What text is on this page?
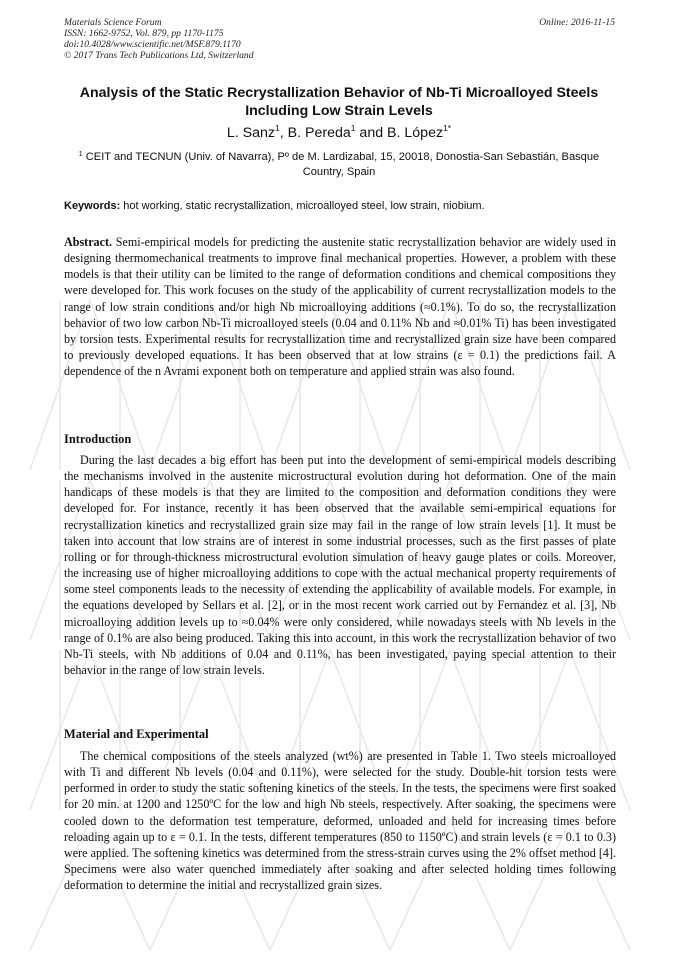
Materials Science Forum
ISSN: 1662-9752, Vol. 879, pp 1170-1175
doi:10.4028/www.scientific.net/MSF.879.1170
© 2017 Trans Tech Publications Ltd, Switzerland
Online: 2016-11-15
Analysis of the Static Recrystallization Behavior of Nb-Ti Microalloyed Steels Including Low Strain Levels
L. Sanz$^1$, B. Pereda$^1$ and B. López$^{1*}$
$^1$ CEIT and TECNUN (Univ. of Navarra), Pº de M. Lardizabal, 15, 20018, Donostia-San Sebastián, Basque Country, Spain
Keywords: hot working, static recrystallization, microalloyed steel, low strain, niobium.
Abstract. Semi-empirical models for predicting the austenite static recrystallization behavior are widely used in designing thermomechanical treatments to improve final mechanical properties. However, a problem with these models is that their utility can be limited to the range of deformation conditions and chemical compositions they were developed for. This work focuses on the study of the applicability of current recrystallization models to the range of low strain conditions and/or high Nb microalloying additions (≈0.1%). To do so, the recrystallization behavior of two low carbon Nb-Ti microalloyed steels (0.04 and 0.11% Nb and ≈0.01% Ti) has been investigated by torsion tests. Experimental results for recrystallization time and recrystallized grain size have been compared to previously developed equations. It has been observed that at low strains (ε = 0.1) the predictions fail. A dependence of the n Avrami exponent both on temperature and applied strain was also found.
Introduction
During the last decades a big effort has been put into the development of semi-empirical models describing the mechanisms involved in the austenite microstructural evolution during hot deformation. One of the main handicaps of these models is that they are limited to the composition and deformation conditions they were developed for. For instance, recently it has been observed that the available semi-empirical equations for recrystallization kinetics and recrystallized grain size may fail in the range of low strain levels [1]. It must be taken into account that low strains are of interest in some industrial processes, such as the first passes of plate rolling or for through-thickness microstructural evolution simulation of heavy gauge plates or coils. Moreover, the increasing use of higher microalloying additions to cope with the actual mechanical property requirements of some steel components leads to the necessity of extending the applicability of available models. For example, in the equations developed by Sellars et al. [2], or in the most recent work carried out by Fernandez et al. [3], Nb microalloying addition levels up to ≈0.04% were only considered, while nowadays steels with Nb levels in the range of 0.1% are also being produced. Taking this into account, in this work the recrystallization behavior of two Nb-Ti steels, with Nb additions of 0.04 and 0.11%, has been investigated, paying special attention to their behavior in the range of low strain levels.
Material and Experimental
The chemical compositions of the steels analyzed (wt%) are presented in Table 1. Two steels microalloyed with Ti and different Nb levels (0.04 and 0.11%), were selected for the study. Double-hit torsion tests were performed in order to study the static softening kinetics of the steels. In the tests, the specimens were first soaked for 20 min. at 1200 and 1250ºC for the low and high Nb steels, respectively. After soaking, the specimens were cooled down to the deformation test temperature, deformed, unloaded and held for increasing times before reloading again up to ε = 0.1. In the tests, different temperatures (850 to 1150ºC) and strain levels (ε = 0.1 to 0.3) were applied. The softening kinetics was determined from the stress-strain curves using the 2% offset method [4]. Specimens were also water quenched immediately after soaking and after selected holding times following deformation to determine the initial and recrystallized grain sizes.
